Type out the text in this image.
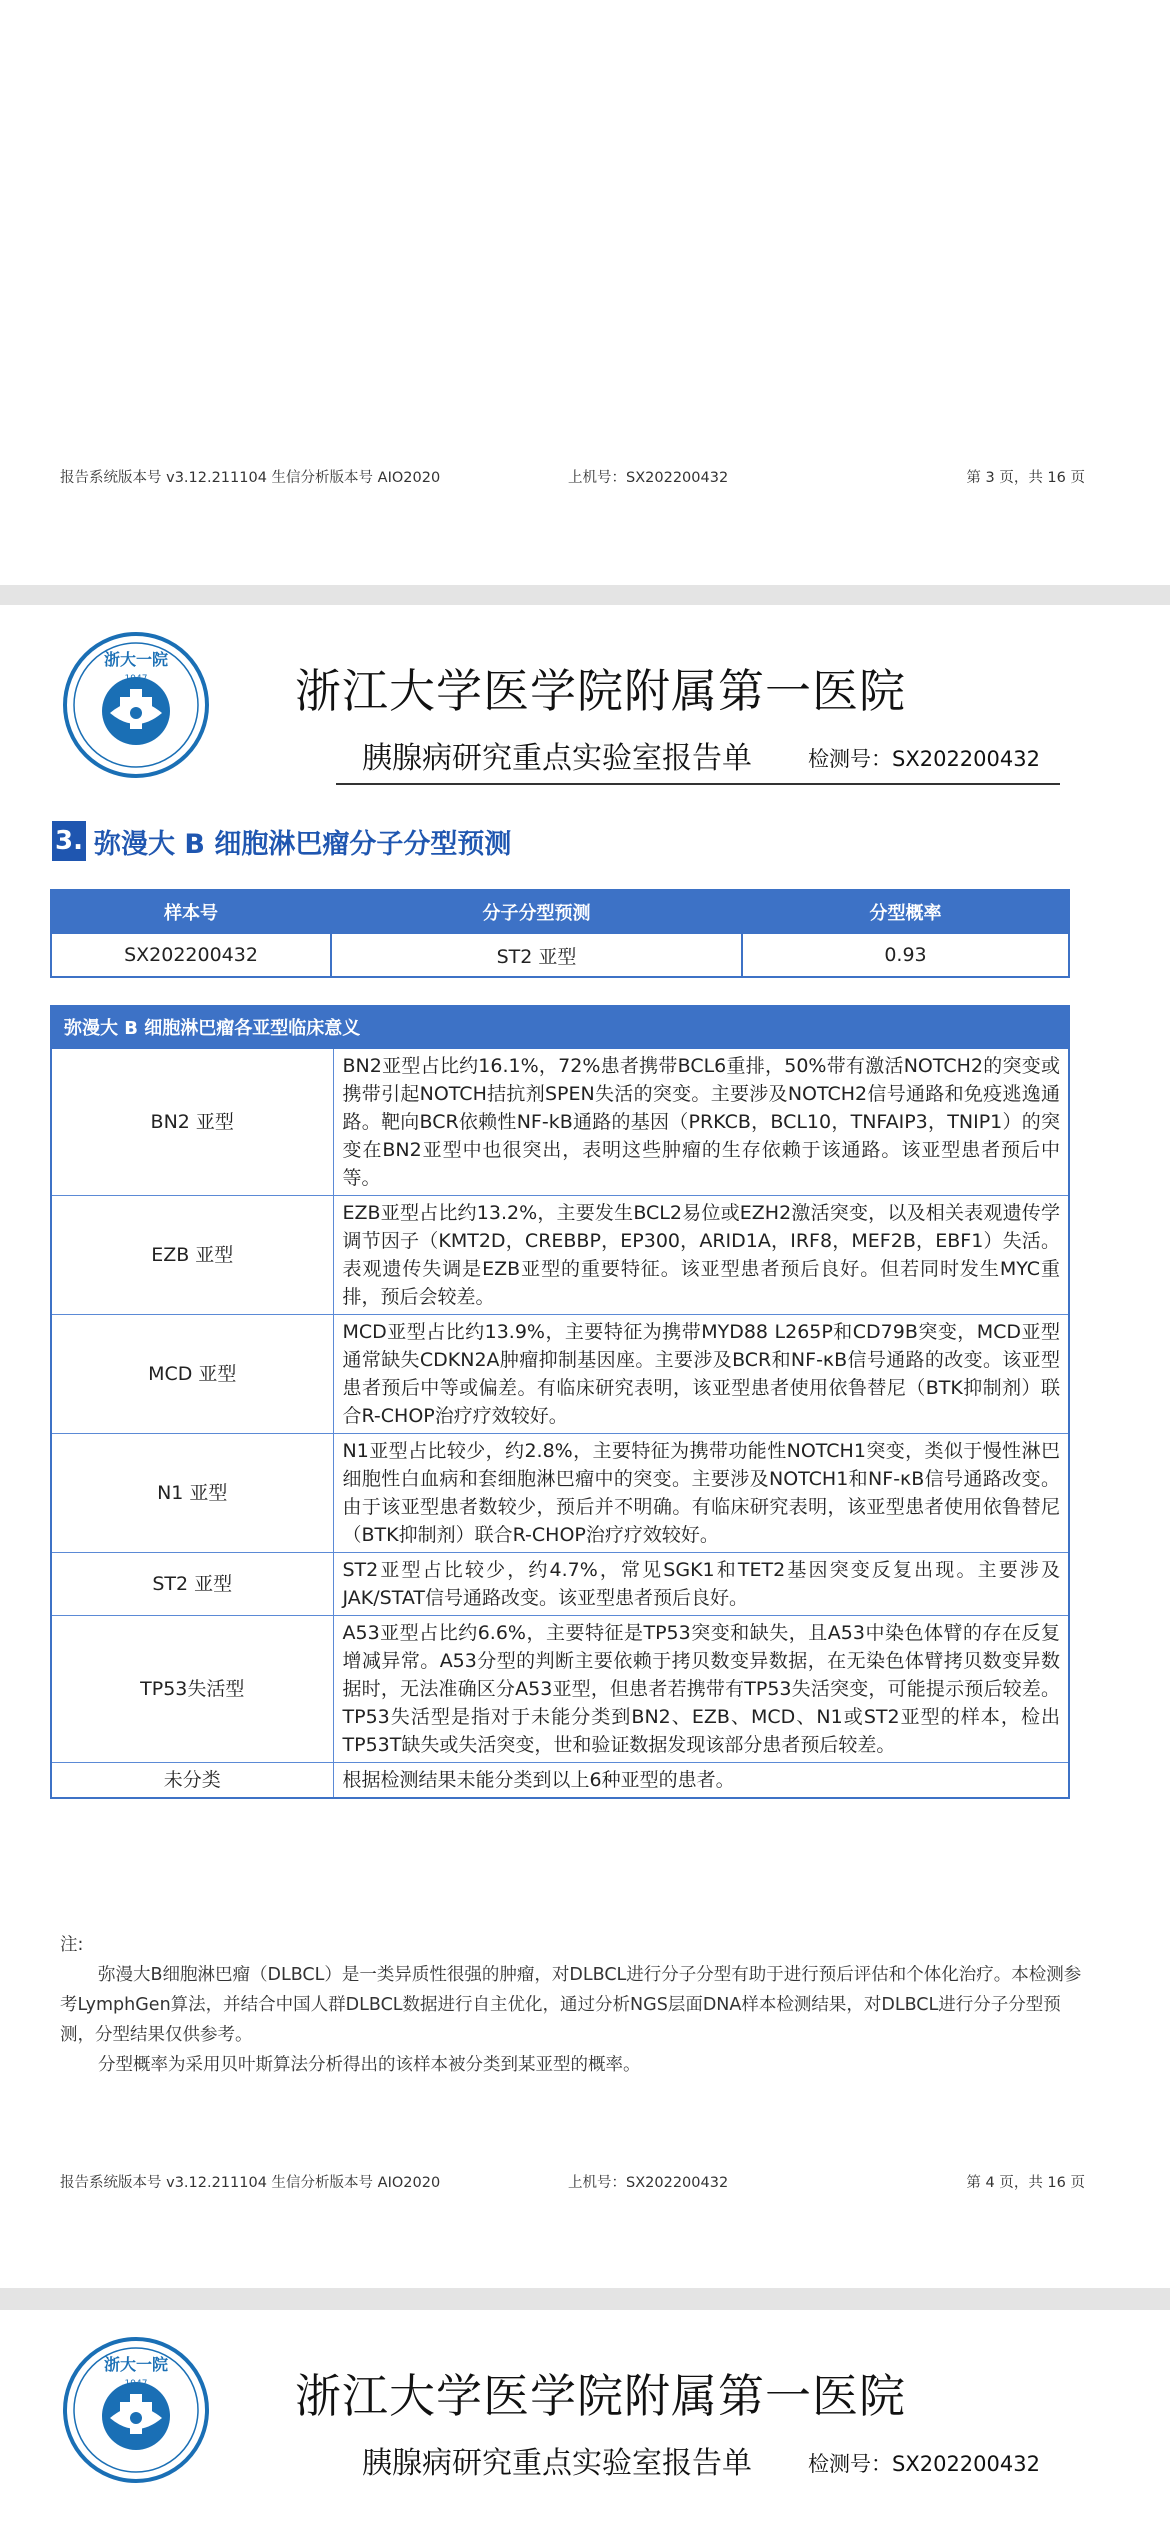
报告系统版本号 v3.12.211104 生信分析版本号 AIO2020	上机号：SX202200432	第 3 页，共 16 页
浙大一院
1947	浙江大学医学院附属第一医院
胰腺病研究重点实验室报告单	检测号：SX202200432
3. 弥漫大 B 细胞淋巴瘤分子分型预测
样本号	分子分型预测	分型概率
SX202200432	ST2 亚型	0.93
弥漫大 B 细胞淋巴瘤各亚型临床意义	
BN2 亚型	BN2亚型占比约16.1%，72%患者携带BCL6重排，50%带有激活NOTCH2的突变或携带引起NOTCH拮抗剂SPEN失活的突变。主要涉及NOTCH2信号通路和免疫逃逸通路。靶向BCR依赖性NF-kB通路的基因（PRKCB，BCL10，TNFAIP3，TNIP1）的突变在BN2亚型中也很突出，表明这些肿瘤的生存依赖于该通路。该亚型患者预后中等。
EZB 亚型	EZB亚型占比约13.2%，主要发生BCL2易位或EZH2激活突变，以及相关表观遗传学调节因子（KMT2D，CREBBP，EP300，ARID1A，IRF8，MEF2B，EBF1）失活。表观遗传失调是EZB亚型的重要特征。该亚型患者预后良好。但若同时发生MYC重排，预后会较差。
MCD 亚型	MCD亚型占比约13.9%，主要特征为携带MYD88 L265P和CD79B突变，MCD亚型通常缺失CDKN2A肿瘤抑制基因座。主要涉及BCR和NF-κB信号通路的改变。该亚型患者预后中等或偏差。有临床研究表明，该亚型患者使用依鲁替尼（BTK抑制剂）联合R-CHOP治疗疗效较好。
N1 亚型	N1亚型占比较少，约2.8%，主要特征为携带功能性NOTCH1突变，类似于慢性淋巴细胞性白血病和套细胞淋巴瘤中的突变。主要涉及NOTCH1和NF-κB信号通路改变。由于该亚型患者数较少，预后并不明确。有临床研究表明，该亚型患者使用依鲁替尼（BTK抑制剂）联合R-CHOP治疗疗效较好。
ST2 亚型	ST2亚型占比较少，约4.7%，常见SGK1和TET2基因突变反复出现。主要涉及JAK/STAT信号通路改变。该亚型患者预后良好。
TP53失活型	A53亚型占比约6.6%，主要特征是TP53突变和缺失，且A53中染色体臂的存在反复增减异常。A53分型的判断主要依赖于拷贝数变异数据，在无染色体臂拷贝数变异数据时，无法准确区分A53亚型，但患者若携带有TP53失活突变，可能提示预后较差。TP53失活型是指对于未能分类到BN2、EZB、MCD、N1或ST2亚型的样本，检出TP53T缺失或失活突变，世和验证数据发现该部分患者预后较差。
未分类	根据检测结果未能分类到以上6种亚型的患者。

注:

弥漫大B细胞淋巴瘤（DLBCL）是一类异质性很强的肿瘤，对DLBCL进行分子分型有助于进行预后评估和个体化治疗。本检测参考LymphGen算法，并结合中国人群DLBCL数据进行自主优化，通过分析NGS层面DNA样本检测结果，对DLBCL进行分子分型预测，分型结果仅供参考。

分型概率为采用贝叶斯算法分析得出的该样本被分类到某亚型的概率。

报告系统版本号 v3.12.211104 生信分析版本号 AIO2020	上机号：SX202200432	第 4 页，共 16 页
浙大一院
1947	浙江大学医学院附属第一医院
胰腺病研究重点实验室报告单	检测号：SX202200432
